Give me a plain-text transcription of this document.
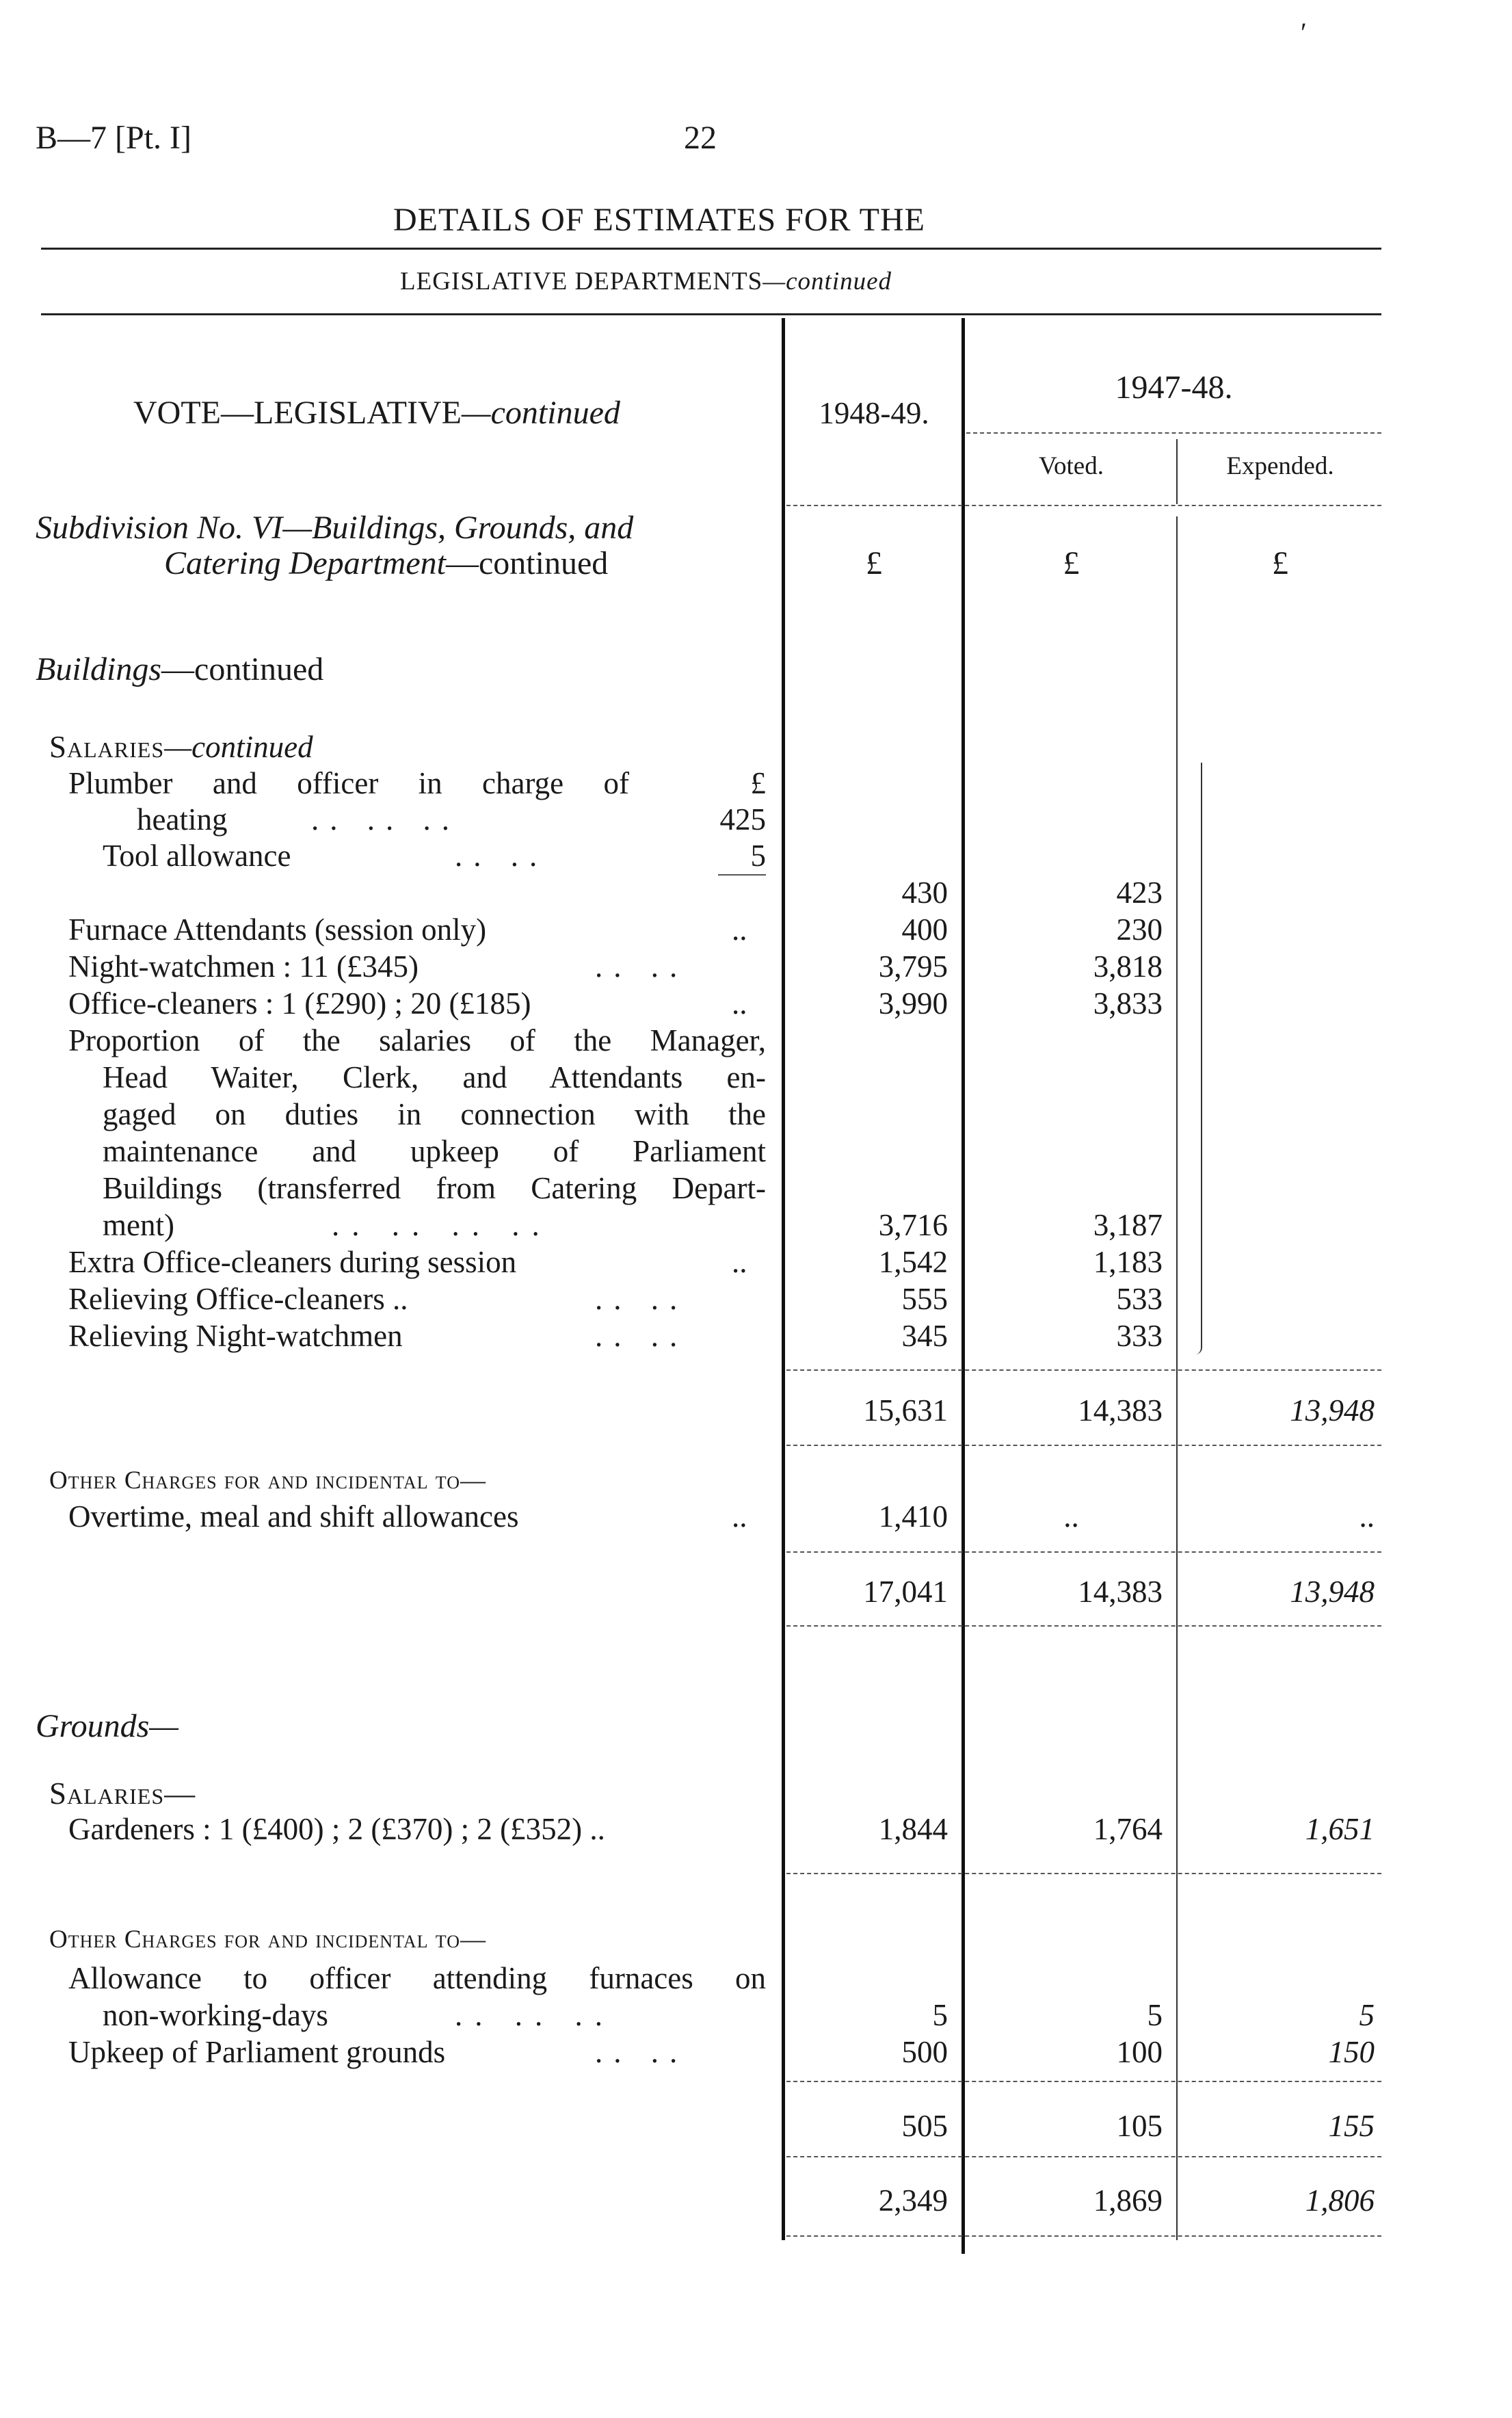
′
B—7 [Pt. I]	22
DETAILS OF ESTIMATES FOR THE
LEGISLATIVE DEPARTMENTS—continued
VOTE—LEGISLATIVE—continued	1948-49.
1947-48.
Voted.	Expended.
Subdivision No. VI—Buildings, Grounds, and
Catering Department—continued	£	£	£
Buildings—continued
Salaries—continued
Plumber and officer in charge of	£
heating	.. .. ..	425
Tool allowance	.. ..	5
430	423
Furnace Attendants (session only)	..	400	230
Night-watchmen : 11 (£345)	.. ..	3,795	3,818
Office-cleaners : 1 (£290) ; 20 (£185)	..	3,990	3,833
Proportion of the salaries of the Manager,
Head Waiter, Clerk, and Attendants en-
gaged on duties in connection with the
maintenance and upkeep of Parliament
Buildings (transferred from Catering Depart-
ment)	.. .. .. ..	3,716	3,187
Extra Office-cleaners during session	..	1,542	1,183
Relieving Office-cleaners ..	.. ..	555	533
Relieving Night-watchmen	.. ..	345	333
15,631	14,383	13,948
Other Charges for and incidental to—
Overtime, meal and shift allowances	..	1,410	..	..
17,041	14,383	13,948
Grounds—
Salaries—
Gardeners : 1 (£400) ; 2 (£370) ; 2 (£352) ..	1,844	1,764	1,651
Other Charges for and incidental to—
Allowance to officer attending furnaces on
non-working-days	.. .. ..	5	5	5
Upkeep of Parliament grounds	.. ..	500	100	150
505	105	155
2,349	1,869	1,806
